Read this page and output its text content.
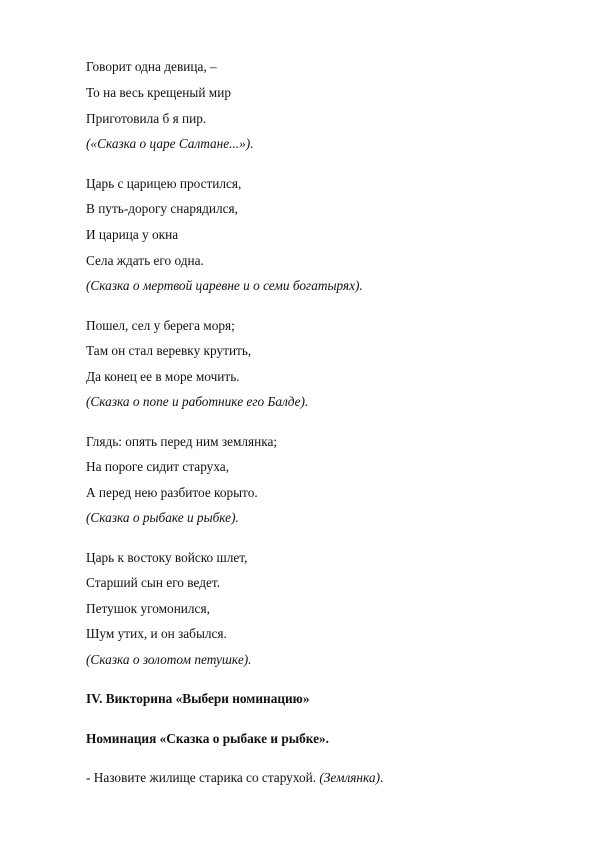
Говорит одна девица, –
То на весь крещеный мир
Приготовила б я пир.
(«Сказка о царе Салтане...»).
Царь с царицею простился,
В путь-дорогу снарядился,
И царица у окна
Села ждать его одна.
(Сказка о мертвой царевне и о семи богатырях).
Пошел, сел у берега моря;
Там он стал веревку крутить,
Да конец ее в море мочить.
(Сказка о попе и работнике его Балде).
Глядь: опять перед ним землянка;
На пороге сидит старуха,
А перед нею разбитое корыто.
(Сказка о рыбаке и рыбке).
Царь к востоку войско шлет,
Старший сын его ведет.
Петушок угомонился,
Шум утих, и он забылся.
(Сказка о золотом петушке).
IV. Викторина «Выбери номинацию»
Номинация «Сказка о рыбаке и рыбке».
- Назовите жилище старика со старухой. (Землянка).
